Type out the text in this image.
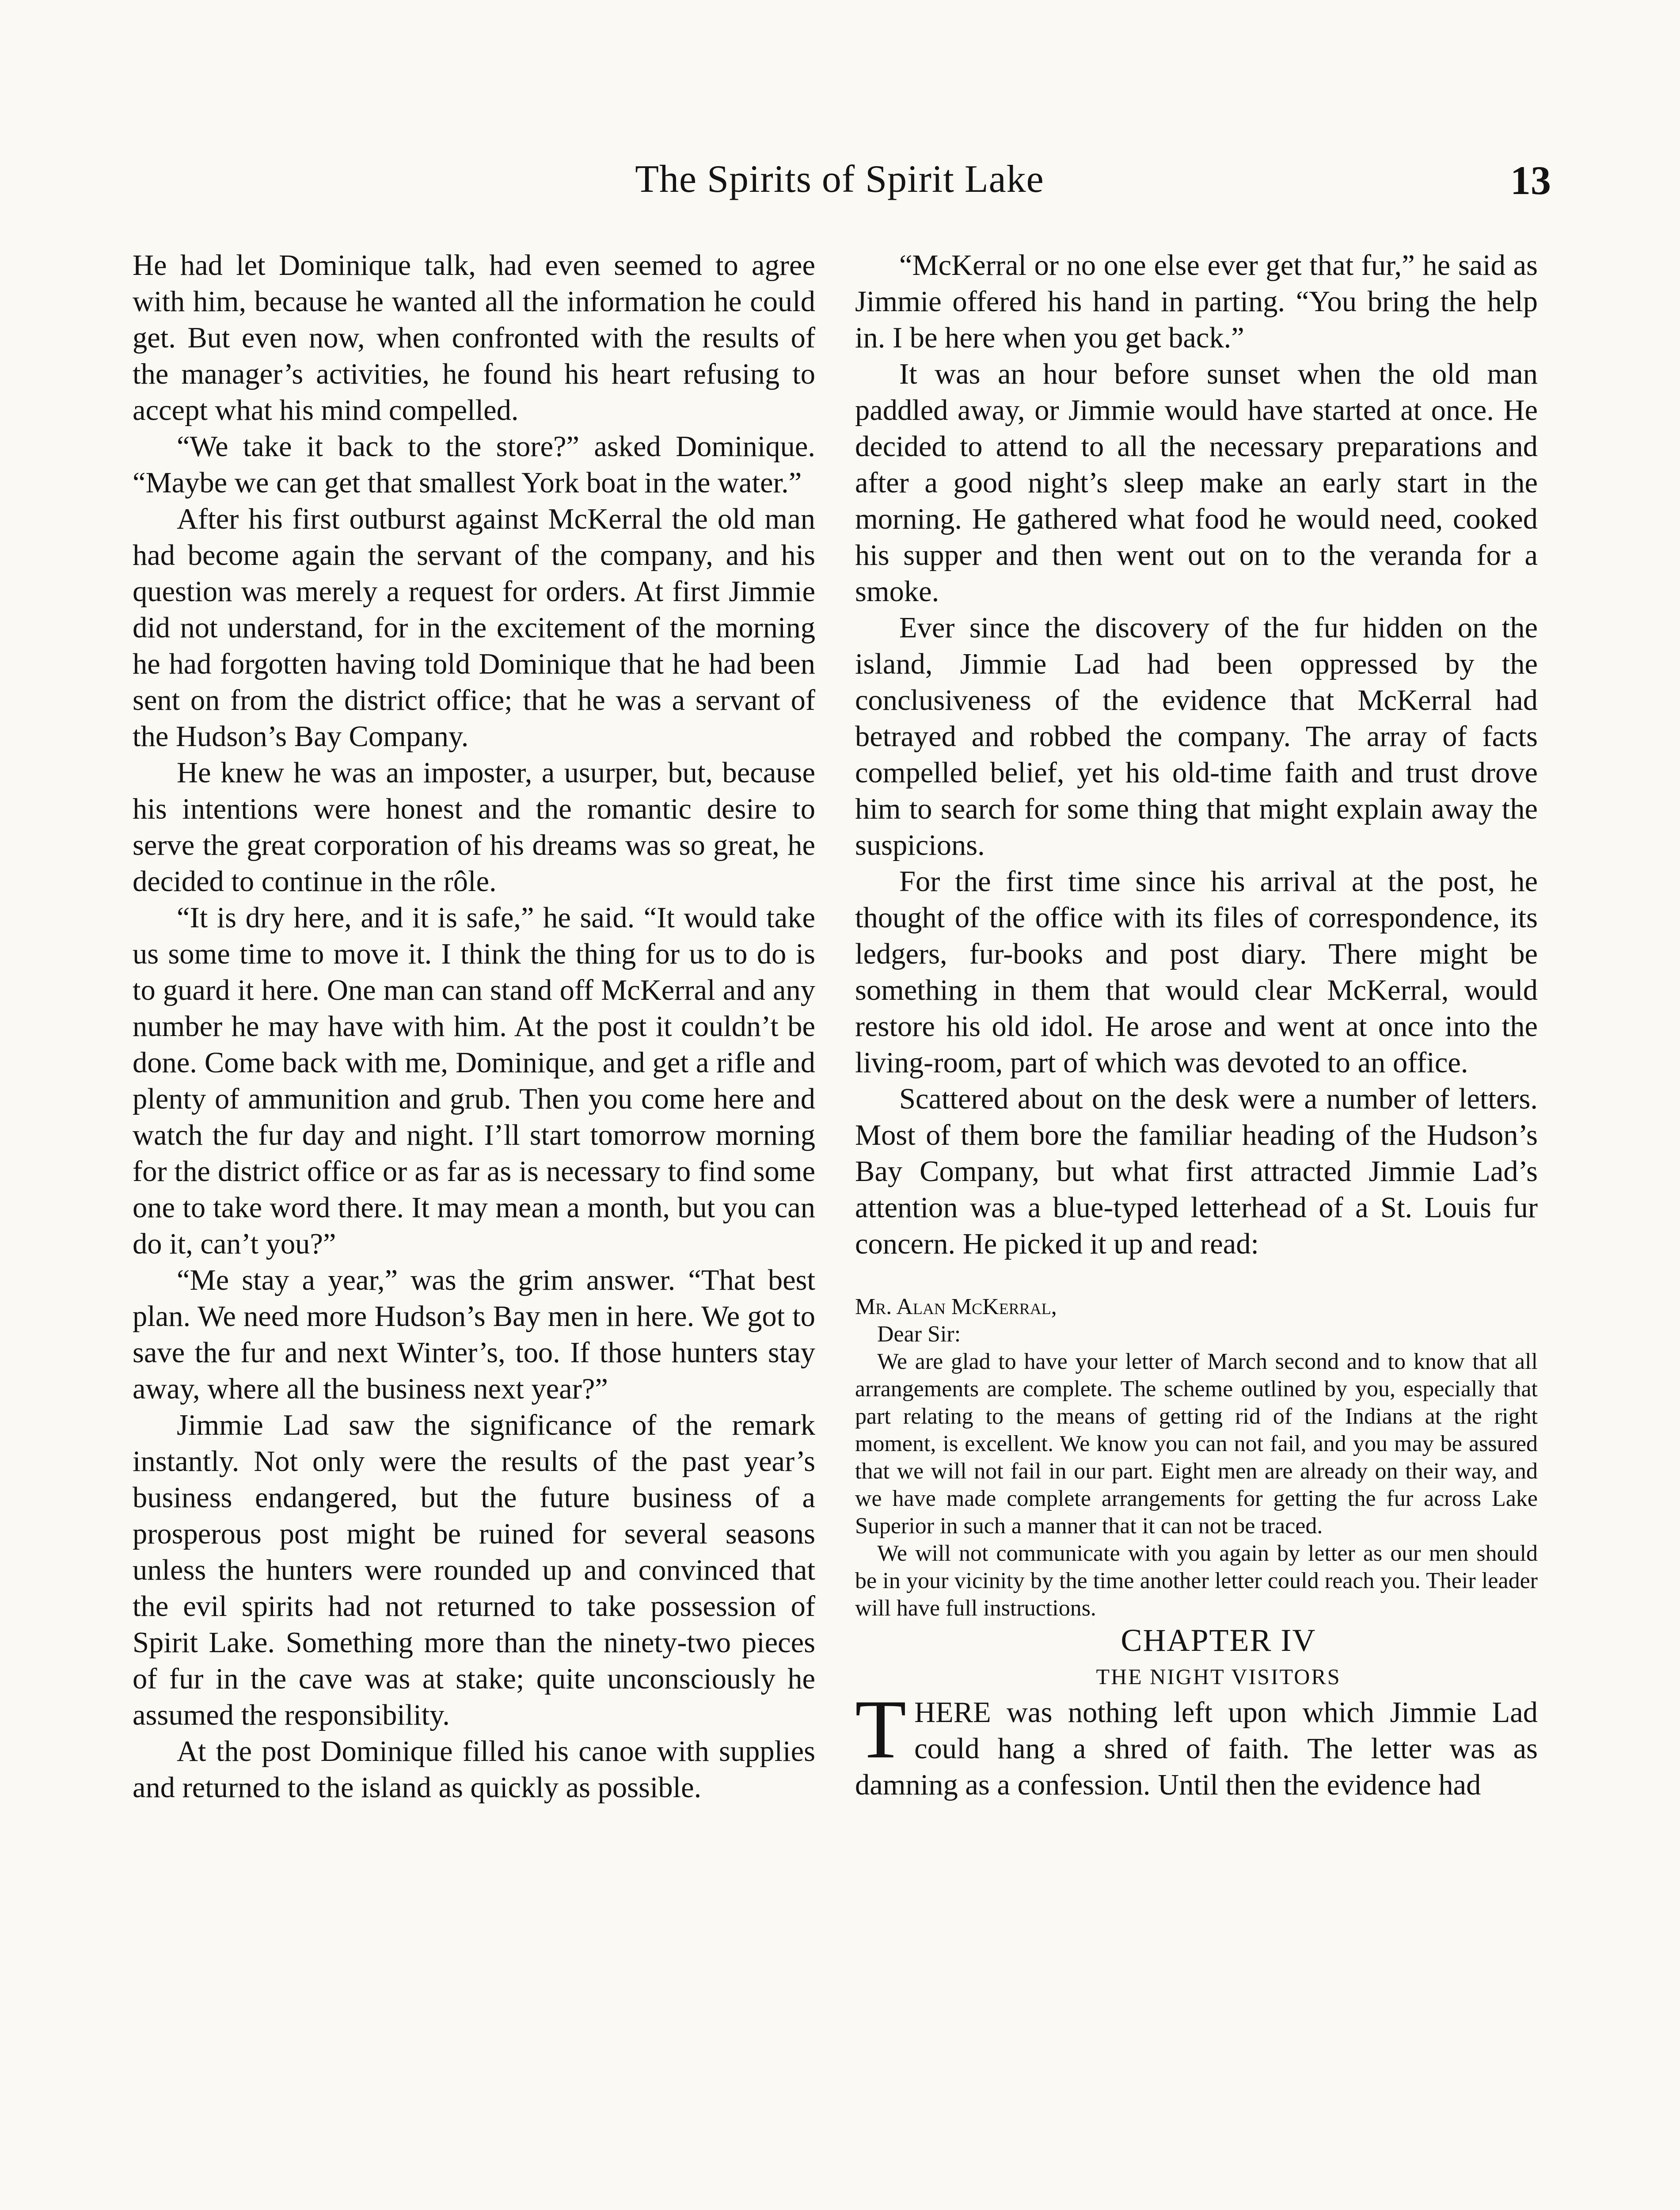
The Spirits of Spirit Lake	13

He had let Dominique talk, had even seemed to agree with him, because he wanted all the information he could get. But even now, when confronted with the results of the manager’s activities, he found his heart refusing to accept what his mind compelled.

“We take it back to the store?” asked Dominique. “Maybe we can get that smallest York boat in the water.”

After his first outburst against McKerral the old man had become again the servant of the company, and his question was merely a request for orders. At first Jimmie did not understand, for in the excitement of the morning he had forgotten having told Dominique that he had been sent on from the district office; that he was a servant of the Hudson’s Bay Company.

He knew he was an imposter, a usurper, but, because his intentions were honest and the romantic desire to serve the great corporation of his dreams was so great, he decided to continue in the rôle.

“It is dry here, and it is safe,” he said. “It would take us some time to move it. I think the thing for us to do is to guard it here. One man can stand off McKerral and any number he may have with him. At the post it couldn’t be done. Come back with me, Dominique, and get a rifle and plenty of ammunition and grub. Then you come here and watch the fur day and night. I’ll start tomorrow morning for the district office or as far as is necessary to find some one to take word there. It may mean a month, but you can do it, can’t you?”

“Me stay a year,” was the grim answer. “That best plan. We need more Hudson’s Bay men in here. We got to save the fur and next Winter’s, too. If those hunters stay away, where all the business next year?”

Jimmie Lad saw the significance of the remark instantly. Not only were the results of the past year’s business endangered, but the future business of a prosperous post might be ruined for several seasons unless the hunters were rounded up and convinced that the evil spirits had not returned to take possession of Spirit Lake. Something more than the ninety-two pieces of fur in the cave was at stake; quite unconsciously he assumed the responsibility.

At the post Dominique filled his canoe with supplies and returned to the island as quickly as possible.

“McKerral or no one else ever get that fur,” he said as Jimmie offered his hand in parting. “You bring the help in. I be here when you get back.”

It was an hour before sunset when the old man paddled away, or Jimmie would have started at once. He decided to attend to all the necessary preparations and after a good night’s sleep make an early start in the morning. He gathered what food he would need, cooked his supper and then went out on to the veranda for a smoke.

Ever since the discovery of the fur hidden on the island, Jimmie Lad had been oppressed by the conclusiveness of the evidence that McKerral had betrayed and robbed the company. The array of facts compelled belief, yet his old-time faith and trust drove him to search for some thing that might explain away the suspicions.

For the first time since his arrival at the post, he thought of the office with its files of correspondence, its ledgers, fur-books and post diary. There might be something in them that would clear McKerral, would restore his old idol. He arose and went at once into the living-room, part of which was devoted to an office.

Scattered about on the desk were a number of letters. Most of them bore the familiar heading of the Hudson’s Bay Company, but what first attracted Jimmie Lad’s attention was a blue-typed letterhead of a St. Louis fur concern. He picked it up and read:

Mr. Alan McKerral,

Dear Sir:

We are glad to have your letter of March second and to know that all arrangements are complete. The scheme outlined by you, especially that part relating to the means of getting rid of the Indians at the right moment, is excellent. We know you can not fail, and you may be assured that we will not fail in our part. Eight men are already on their way, and we have made complete arrangements for getting the fur across Lake Superior in such a manner that it can not be traced.

We will not communicate with you again by letter as our men should be in your vicinity by the time another letter could reach you. Their leader will have full instructions.

CHAPTER IV

THE NIGHT VISITORS

THERE was nothing left upon which Jimmie Lad could hang a shred of faith. The letter was as damning as a confession. Until then the evidence had
